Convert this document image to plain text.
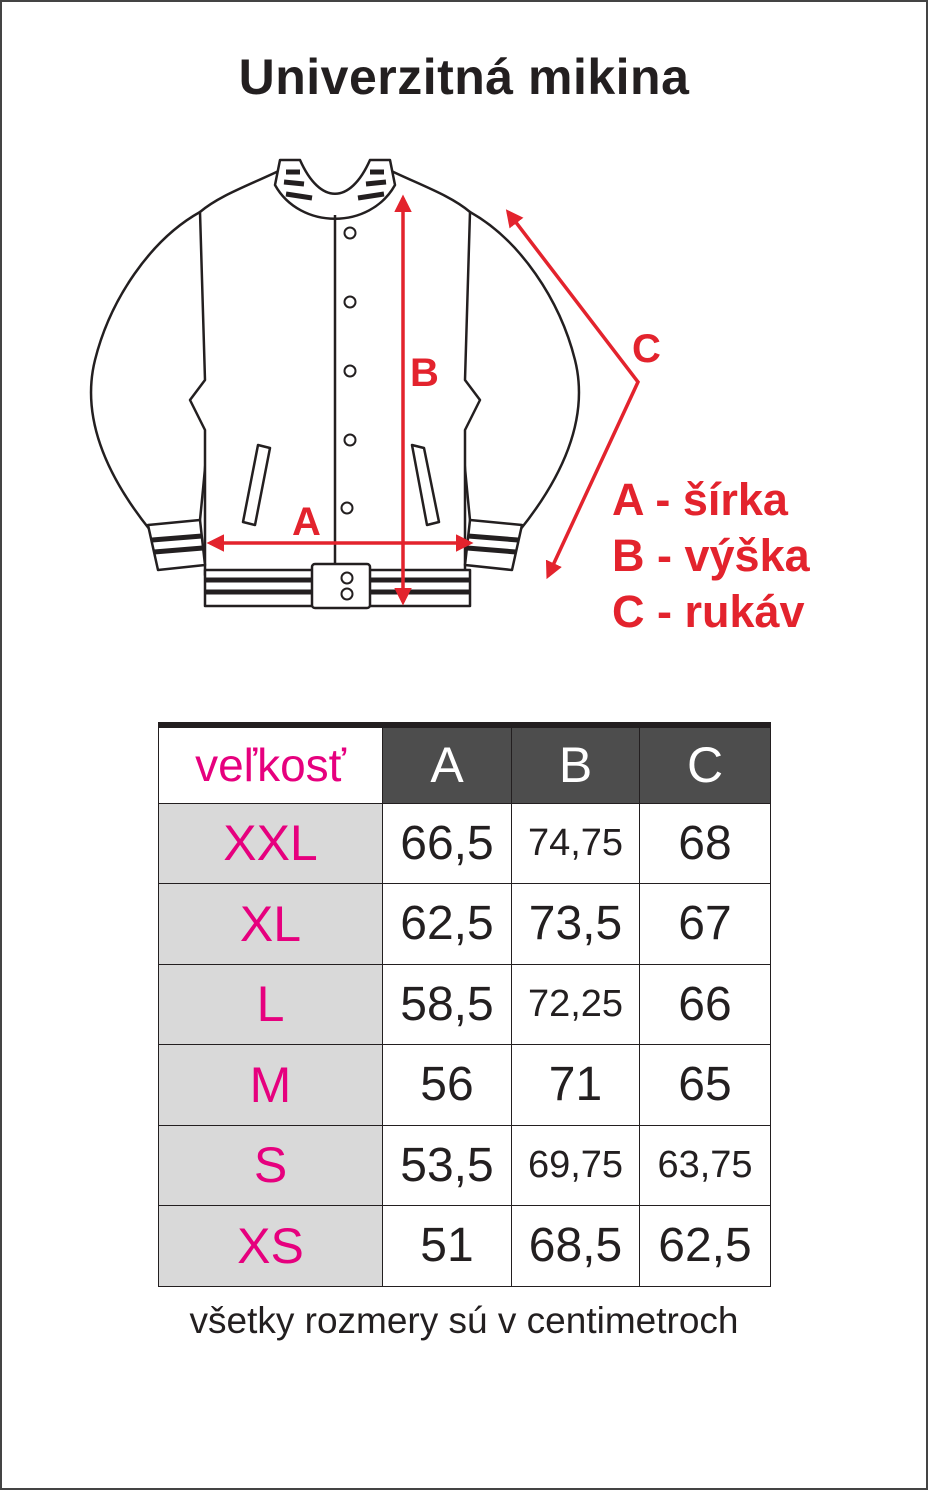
Univerzitná mikina
A
B
C
A - šírka
B - výška
C - rukáv
veľkosť	A	B	C
XXL	66,5	74,75	68
XL	62,5	73,5	67
L	58,5	72,25	66
M	56	71	65
S	53,5	69,75	63,75
XS	51	68,5	62,5
všetky rozmery sú v centimetroch
